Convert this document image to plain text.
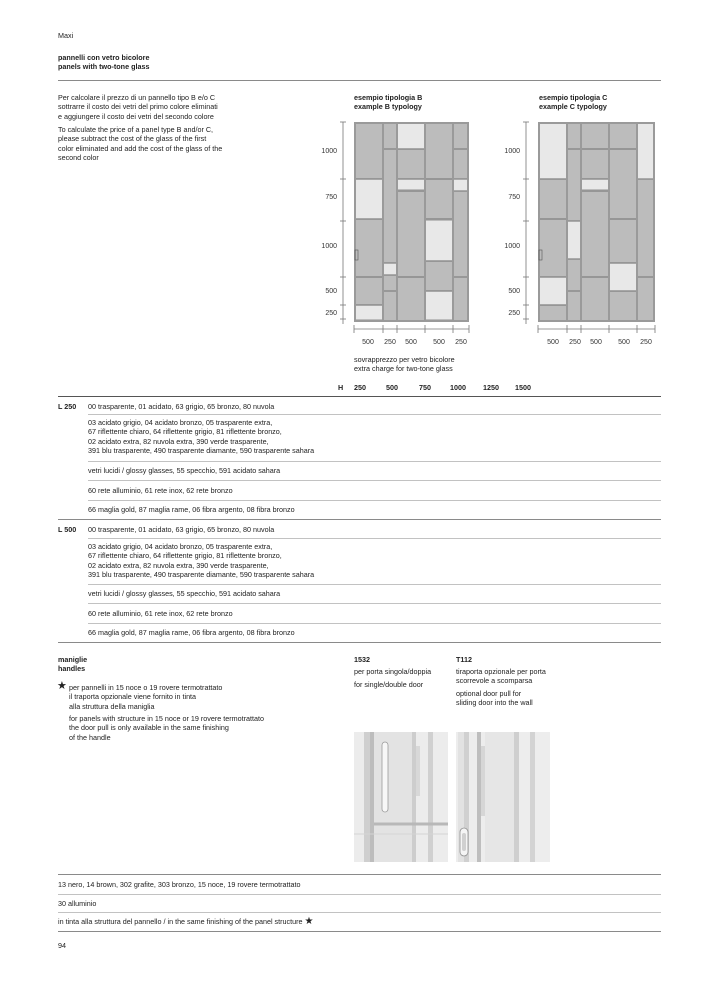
Maxi
pannelli con vetro bicolore
panels with two-tone glass
Per calcolare il prezzo di un pannello tipo B e/o C
sottrarre il costo dei vetri del primo colore eliminati
e aggiungere il costo dei vetri del secondo colore
To calculate the price of a panel type B and/or C,
please subtract the cost of the glass of the first
color eliminated and add the cost of the glass of the
second color
esempio tipologia B
example B typology
esempio tipologia C
example C typology
1000
750
1000
500
250
500 250 500 500 250
1000
750
1000
500
250
500 250 500 500 250
sovrapprezzo per vetro bicolore
extra charge for two-tone glass
H 250	500	750	1000 1250 1500
L 250 00 trasparente, 01 acidato, 63 grigio, 65 bronzo, 80 nuvola
03 acidato grigio, 04 acidato bronzo, 05 trasparente extra,
67 riflettente chiaro, 64 riflettente grigio, 81 riflettente bronzo,
02 acidato extra, 82 nuvola extra, 390 verde trasparente,
391 blu trasparente, 490 trasparente diamante, 590 trasparente sahara
vetri lucidi / glossy glasses, 55 specchio, 591 acidato sahara
60 rete alluminio, 61 rete inox, 62 rete bronzo
66 maglia gold, 87 maglia rame, 06 fibra argento, 08 fibra bronzo
L 500 00 trasparente, 01 acidato, 63 grigio, 65 bronzo, 80 nuvola
03 acidato grigio, 04 acidato bronzo, 05 trasparente extra,
67 riflettente chiaro, 64 riflettente grigio, 81 riflettente bronzo,
02 acidato extra, 82 nuvola extra, 390 verde trasparente,
391 blu trasparente, 490 trasparente diamante, 590 trasparente sahara
vetri lucidi / glossy glasses, 55 specchio, 591 acidato sahara
60 rete alluminio, 61 rete inox, 62 rete bronzo
66 maglia gold, 87 maglia rame, 06 fibra argento, 08 fibra bronzo
maniglie
handles
★ per pannelli in 15 noce o 19 rovere termotrattato
il traporta opzionale viene fornito in tinta
alla struttura della maniglia
for panels with structure in 15 noce or 19 rovere termotrattato
the door pull is only available in the same finishing
of the handle
1532
per porta singola/doppia
for single/double door
T112
tiraporta opzionale per porta
scorrevole a scomparsa
optional door pull for
sliding door into the wall
13 nero, 14 brown, 302 grafite, 303 bronzo, 15 noce, 19 rovere termotrattato
30 alluminio
in tinta alla struttura del pannello / in the same finishing of the panel structure ★
94
